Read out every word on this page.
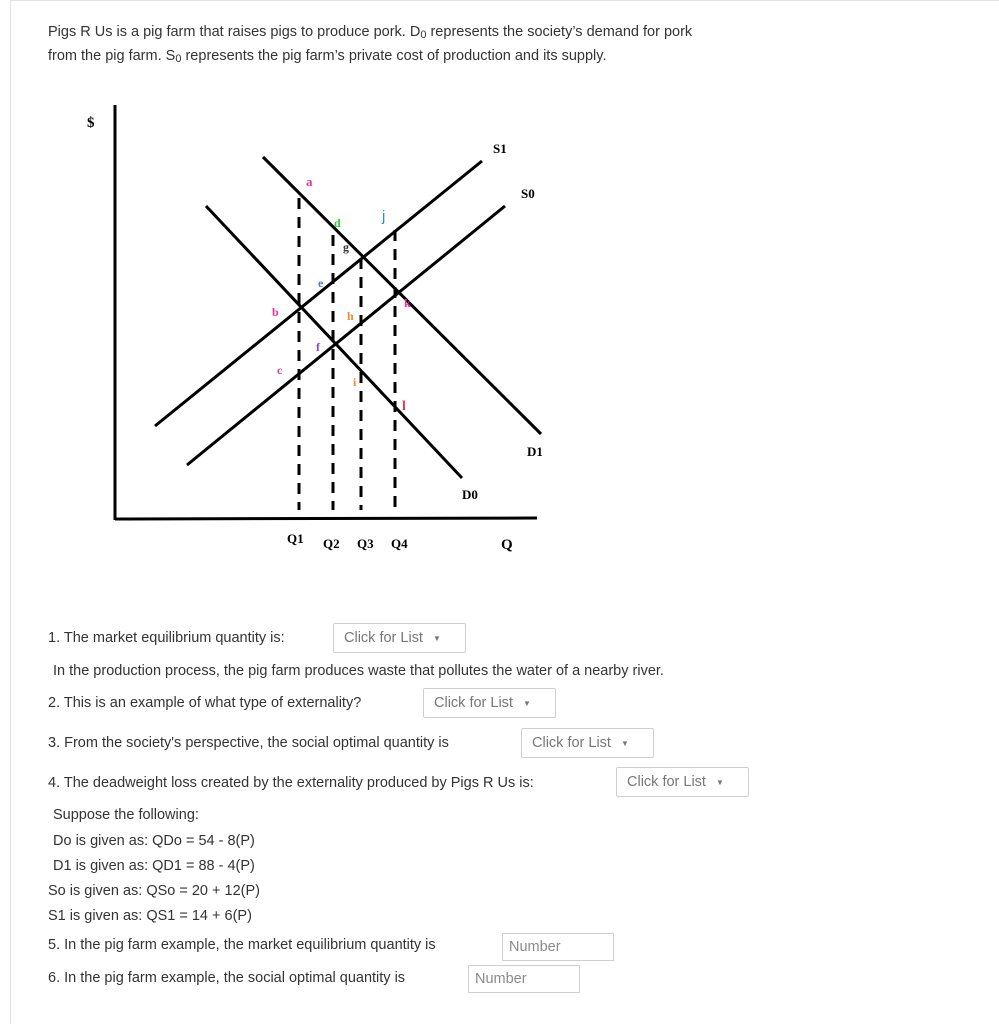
Pigs R Us is a pig farm that raises pigs to produce pork. $D_0$ represents the society’s demand for pork
from the pig farm. $S_0$ represents the pig farm’s private cost of production and its supply.
$
Q
S1
S0
D0
D1
Q1 Q2 Q3 Q4
a
b
c
d
e
f
g
h
i
j
k
l
1. The market equilibrium quantity is:	Click for List ▼
In the production process, the pig farm produces waste that pollutes the water of a nearby river.
2. This is an example of what type of externality?	Click for List ▼
3. From the society's perspective, the social optimal quantity is	Click for List ▼
4. The deadweight loss created by the externality produced by Pigs R Us is:	Click for List ▼
Suppose the following:
Do is given as: QDo = 54 - 8(P)
D1 is given as: QD1 = 88 - 4(P)
So is given as: QSo = 20 + 12(P)
S1 is given as: QS1 = 14 + 6(P)
5. In the pig farm example, the market equilibrium quantity is
Number
6. In the pig farm example, the social optimal quantity is
Number
